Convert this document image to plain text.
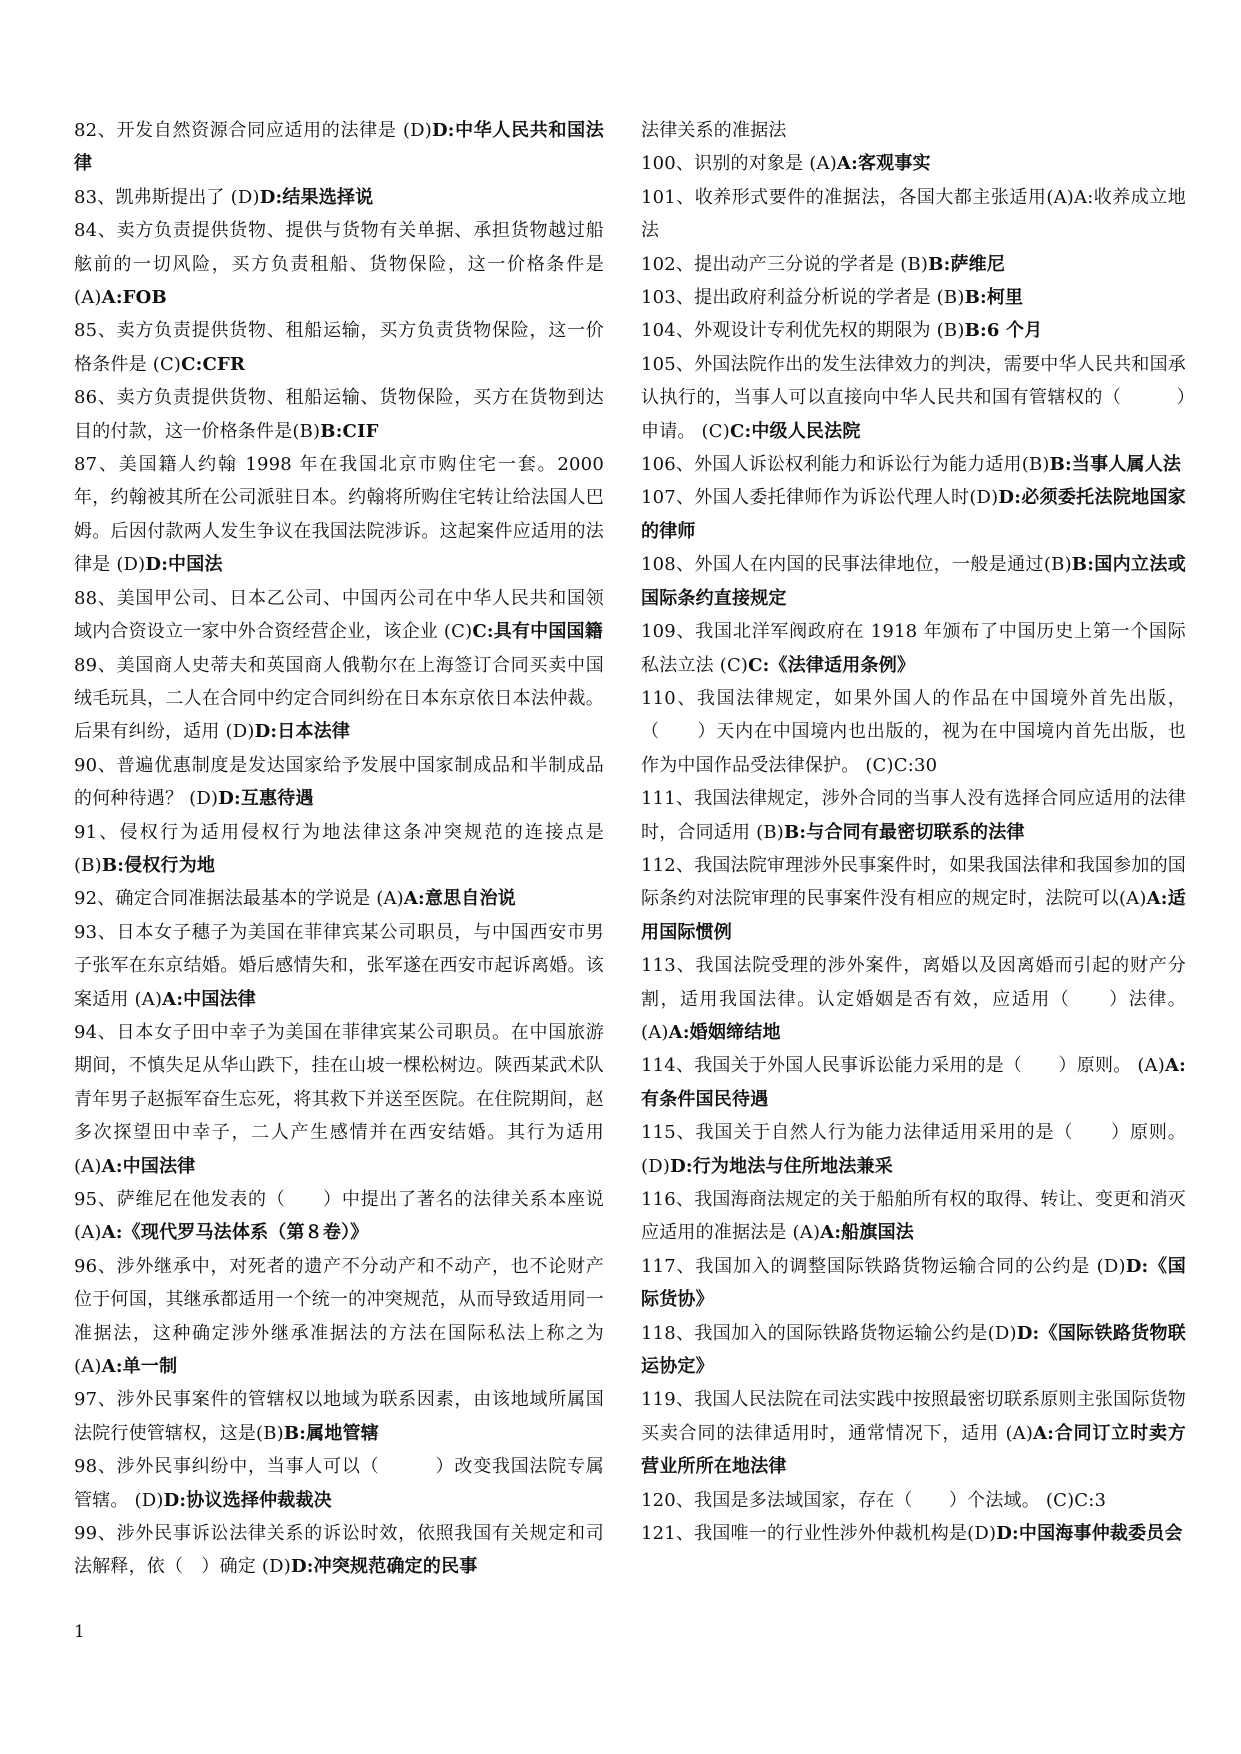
82、开发自然资源合同应适用的法律是 (D)D:中华人民共和国法律

83、凯弗斯提出了 (D)D:结果选择说

84、卖方负责提供货物、提供与货物有关单据、承担货物越过船舷前的一切风险，买方负责租船、货物保险，这一价格条件是 (A)A:FOB

85、卖方负责提供货物、租船运输，买方负责货物保险，这一价格条件是 (C)C:CFR

86、卖方负责提供货物、租船运输、货物保险，买方在货物到达目的付款，这一价格条件是(B)B:CIF

87、美国籍人约翰 1998 年在我国北京市购住宅一套。2000 年，约翰被其所在公司派驻日本。约翰将所购住宅转让给法国人巴姆。后因付款两人发生争议在我国法院涉诉。这起案件应适用的法律是 (D)D:中国法

88、美国甲公司、日本乙公司、中国丙公司在中华人民共和国领域内合资设立一家中外合资经营企业，该企业 (C)C:具有中国国籍

89、美国商人史蒂夫和英国商人俄勒尔在上海签订合同买卖中国绒毛玩具，二人在合同中约定合同纠纷在日本东京依日本法仲裁。后果有纠纷，适用 (D)D:日本法律

90、普遍优惠制度是发达国家给予发展中国家制成品和半制成品的何种待遇？ (D)D:互惠待遇

91、侵权行为适用侵权行为地法律这条冲突规范的连接点是 (B)B:侵权行为地

92、确定合同准据法最基本的学说是 (A)A:意思自治说

93、日本女子穗子为美国在菲律宾某公司职员，与中国西安市男子张军在东京结婚。婚后感情失和，张军遂在西安市起诉离婚。该案适用 (A)A:中国法律

94、日本女子田中幸子为美国在菲律宾某公司职员。在中国旅游期间，不慎失足从华山跌下，挂在山坡一棵松树边。陕西某武术队青年男子赵振军奋生忘死，将其救下并送至医院。在住院期间，赵多次探望田中幸子，二人产生感情并在西安结婚。其行为适用 (A)A:中国法律

95、萨维尼在他发表的（　　）中提出了著名的法律关系本座说 (A)A:《现代罗马法体系（第８卷）》

96、涉外继承中，对死者的遗产不分动产和不动产，也不论财产位于何国，其继承都适用一个统一的冲突规范，从而导致适用同一准据法，这种确定涉外继承准据法的方法在国际私法上称之为 (A)A:单一制

97、涉外民事案件的管辖权以地域为联系因素，由该地域所属国法院行使管辖权，这是(B)B:属地管辖

98、涉外民事纠纷中，当事人可以（　　　）改变我国法院专属管辖。 (D)D:协议选择仲裁裁决

99、涉外民事诉讼法律关系的诉讼时效，依照我国有关规定和司法解释，依（　）确定 (D)D:冲突规范确定的民事

法律关系的准据法

100、识别的对象是 (A)A:客观事实

101、收养形式要件的准据法，各国大都主张适用(A)A:收养成立地法

102、提出动产三分说的学者是 (B)B:萨维尼

103、提出政府利益分析说的学者是 (B)B:柯里

104、外观设计专利优先权的期限为 (B)B:6 个月

105、外国法院作出的发生法律效力的判决，需要中华人民共和国承认执行的，当事人可以直接向中华人民共和国有管辖权的（　　　）申请。 (C)C:中级人民法院

106、外国人诉讼权利能力和诉讼行为能力适用(B)B:当事人属人法

107、外国人委托律师作为诉讼代理人时(D)D:必须委托法院地国家的律师

108、外国人在内国的民事法律地位，一般是通过(B)B:国内立法或国际条约直接规定

109、我国北洋军阀政府在 1918 年颁布了中国历史上第一个国际私法立法 (C)C:《法律适用条例》

110、我国法律规定，如果外国人的作品在中国境外首先出版，（　　）天内在中国境内也出版的，视为在中国境内首先出版，也作为中国作品受法律保护。 (C)C:30

111、我国法律规定，涉外合同的当事人没有选择合同应适用的法律时，合同适用 (B)B:与合同有最密切联系的法律

112、我国法院审理涉外民事案件时，如果我国法律和我国参加的国际条约对法院审理的民事案件没有相应的规定时，法院可以(A)A:适用国际惯例

113、我国法院受理的涉外案件，离婚以及因离婚而引起的财产分割，适用我国法律。认定婚姻是否有效，应适用（　　）法律。 (A)A:婚姻缔结地

114、我国关于外国人民事诉讼能力采用的是（　　）原则。 (A)A:有条件国民待遇

115、我国关于自然人行为能力法律适用采用的是（　　）原则。 (D)D:行为地法与住所地法兼采

116、我国海商法规定的关于船舶所有权的取得、转让、变更和消灭应适用的准据法是 (A)A:船旗国法

117、我国加入的调整国际铁路货物运输合同的公约是 (D)D:《国际货协》

118、我国加入的国际铁路货物运输公约是(D)D:《国际铁路货物联运协定》

119、我国人民法院在司法实践中按照最密切联系原则主张国际货物买卖合同的法律适用时，通常情况下，适用 (A)A:合同订立时卖方营业所所在地法律

120、我国是多法域国家，存在（　　）个法域。 (C)C:3

121、我国唯一的行业性涉外仲裁机构是(D)D:中国海事仲裁委员会

1
